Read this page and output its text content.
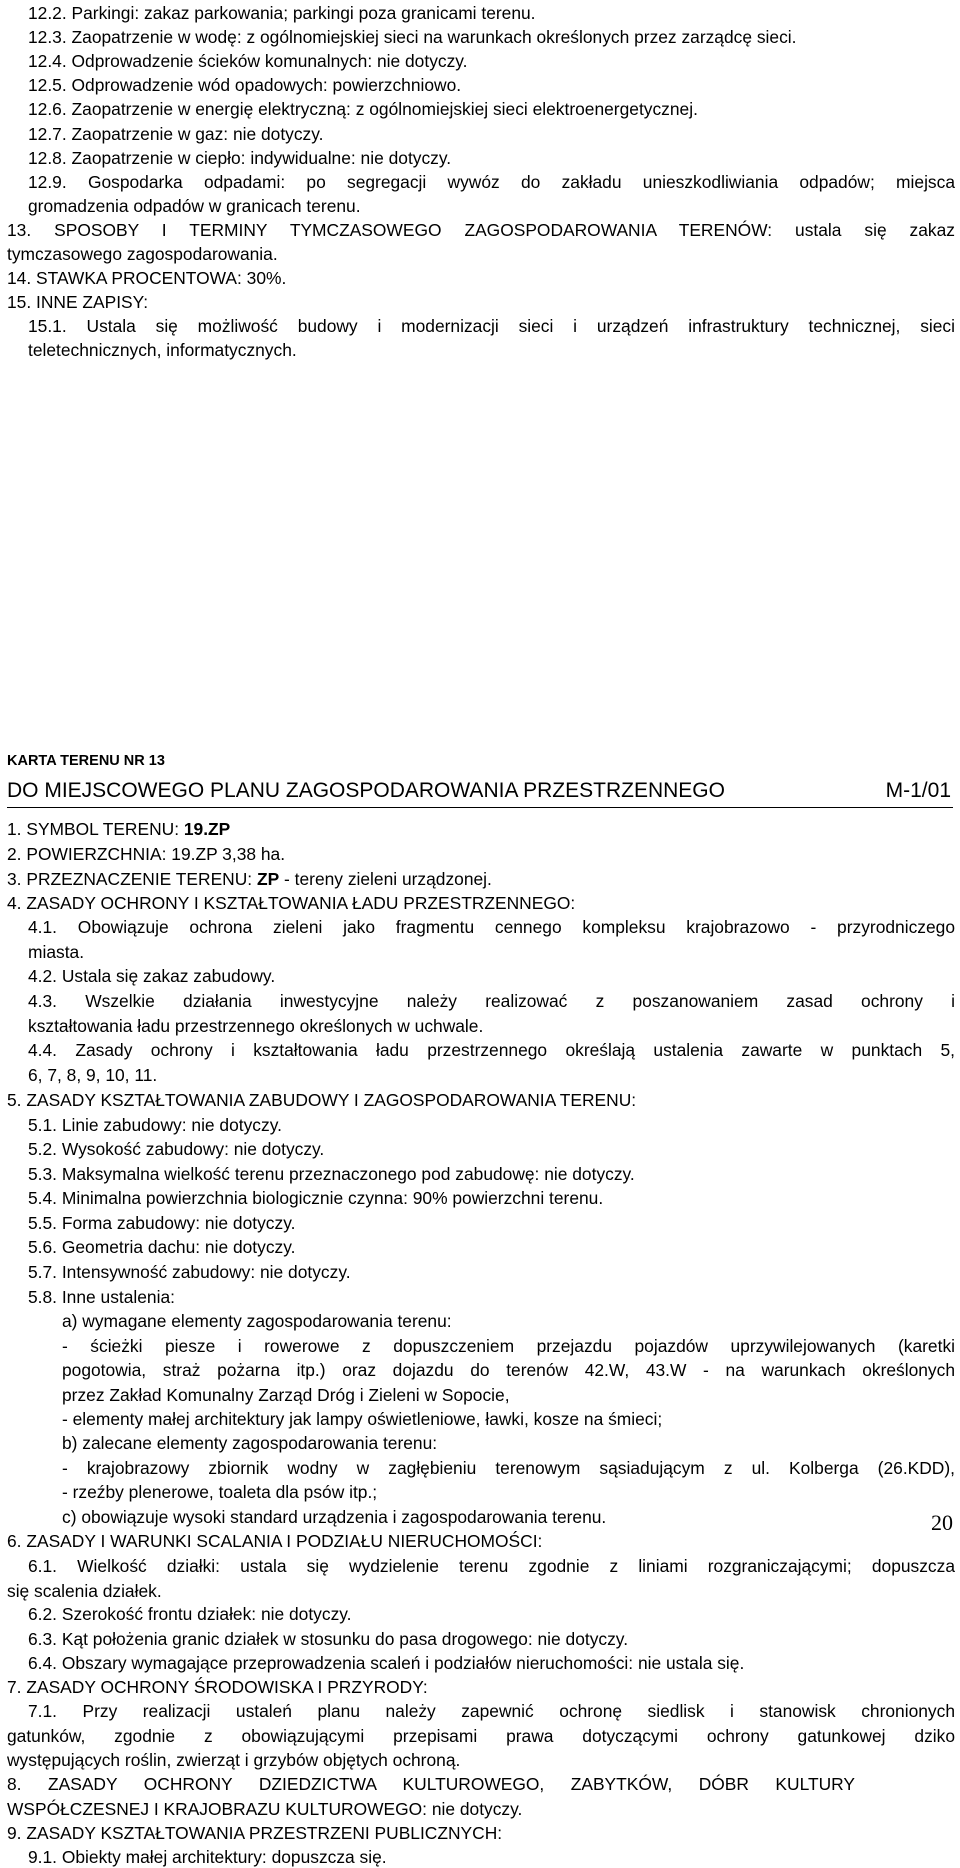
KARTA TERENU NR 13
DO MIEJSCOWEGO PLANU ZAGOSPODAROWANIA PRZESTRZENNEGO	M-1/01
20
12.2. Parkingi: zakaz parkowania; parkingi poza granicami terenu.
12.3. Zaopatrzenie w wodę: z ogólnomiejskiej sieci na warunkach określonych przez zarządcę sieci.
12.4. Odprowadzenie ścieków komunalnych: nie dotyczy.
12.5. Odprowadzenie wód opadowych: powierzchniowo.
12.6. Zaopatrzenie w energię elektryczną: z ogólnomiejskiej sieci elektroenergetycznej.
12.7. Zaopatrzenie w gaz: nie dotyczy.
12.8. Zaopatrzenie w ciepło: indywidualne: nie dotyczy.
12.9. Gospodarka odpadami: po segregacji wywóz do zakładu unieszkodliwiania odpadów; miejsca
gromadzenia odpadów w granicach terenu.
13. SPOSOBY I TERMINY TYMCZASOWEGO ZAGOSPODAROWANIA TERENÓW: ustala się zakaz
tymczasowego zagospodarowania.
14. STAWKA PROCENTOWA: 30%.
15. INNE ZAPISY:
15.1. Ustala się możliwość budowy i modernizacji sieci i urządzeń infrastruktury technicznej, sieci
teletechnicznych, informatycznych.
1. SYMBOL TERENU: 19.ZP
2. POWIERZCHNIA: 19.ZP 3,38 ha.
3. PRZEZNACZENIE TERENU: ZP - tereny zieleni urządzonej.
4. ZASADY OCHRONY I KSZTAŁTOWANIA ŁADU PRZESTRZENNEGO:
4.1. Obowiązuje ochrona zieleni jako fragmentu cennego kompleksu krajobrazowo - przyrodniczego
miasta.
4.2. Ustala się zakaz zabudowy.
4.3. Wszelkie działania inwestycyjne należy realizować z poszanowaniem zasad ochrony i
kształtowania ładu przestrzennego określonych w uchwale.
4.4. Zasady ochrony i kształtowania ładu przestrzennego określają ustalenia zawarte w punktach 5,
6, 7, 8, 9, 10, 11.
5. ZASADY KSZTAŁTOWANIA ZABUDOWY I ZAGOSPODAROWANIA TERENU:
5.1. Linie zabudowy: nie dotyczy.
5.2. Wysokość zabudowy: nie dotyczy.
5.3. Maksymalna wielkość terenu przeznaczonego pod zabudowę: nie dotyczy.
5.4. Minimalna powierzchnia biologicznie czynna: 90% powierzchni terenu.
5.5. Forma zabudowy: nie dotyczy.
5.6. Geometria dachu: nie dotyczy.
5.7. Intensywność zabudowy: nie dotyczy.
5.8. Inne ustalenia:
a) wymagane elementy zagospodarowania terenu:
- ścieżki piesze i rowerowe z dopuszczeniem przejazdu pojazdów uprzywilejowanych (karetki
pogotowia, straż pożarna itp.) oraz dojazdu do terenów 42.W, 43.W - na warunkach określonych
przez Zakład Komunalny Zarząd Dróg i Zieleni w Sopocie,
- elementy małej architektury jak lampy oświetleniowe, ławki, kosze na śmieci;
b) zalecane elementy zagospodarowania terenu:
- krajobrazowy zbiornik wodny w zagłębieniu terenowym sąsiadującym z ul. Kolberga (26.KDD),
- rzeźby plenerowe, toaleta dla psów itp.;
c) obowiązuje wysoki standard urządzenia i zagospodarowania terenu.
6. ZASADY I WARUNKI SCALANIA I PODZIAŁU NIERUCHOMOŚCI:
6.1. Wielkość działki: ustala się wydzielenie terenu zgodnie z liniami rozgraniczającymi; dopuszcza
się scalenia działek.
6.2. Szerokość frontu działek: nie dotyczy.
6.3. Kąt położenia granic działek w stosunku do pasa drogowego: nie dotyczy.
6.4. Obszary wymagające przeprowadzenia scaleń i podziałów nieruchomości: nie ustala się.
7. ZASADY OCHRONY ŚRODOWISKA I PRZYRODY:
7.1. Przy realizacji ustaleń planu należy zapewnić ochronę siedlisk i stanowisk chronionych
gatunków, zgodnie z obowiązującymi przepisami prawa dotyczącymi ochrony gatunkowej dziko
występujących roślin, zwierząt i grzybów objętych ochroną.
8. ZASADY OCHRONY DZIEDZICTWA KULTUROWEGO, ZABYTKÓW, DÓBR KULTURY
WSPÓŁCZESNEJ I KRAJOBRAZU KULTUROWEGO: nie dotyczy.
9. ZASADY KSZTAŁTOWANIA PRZESTRZENI PUBLICZNYCH:
9.1. Obiekty małej architektury: dopuszcza się.
